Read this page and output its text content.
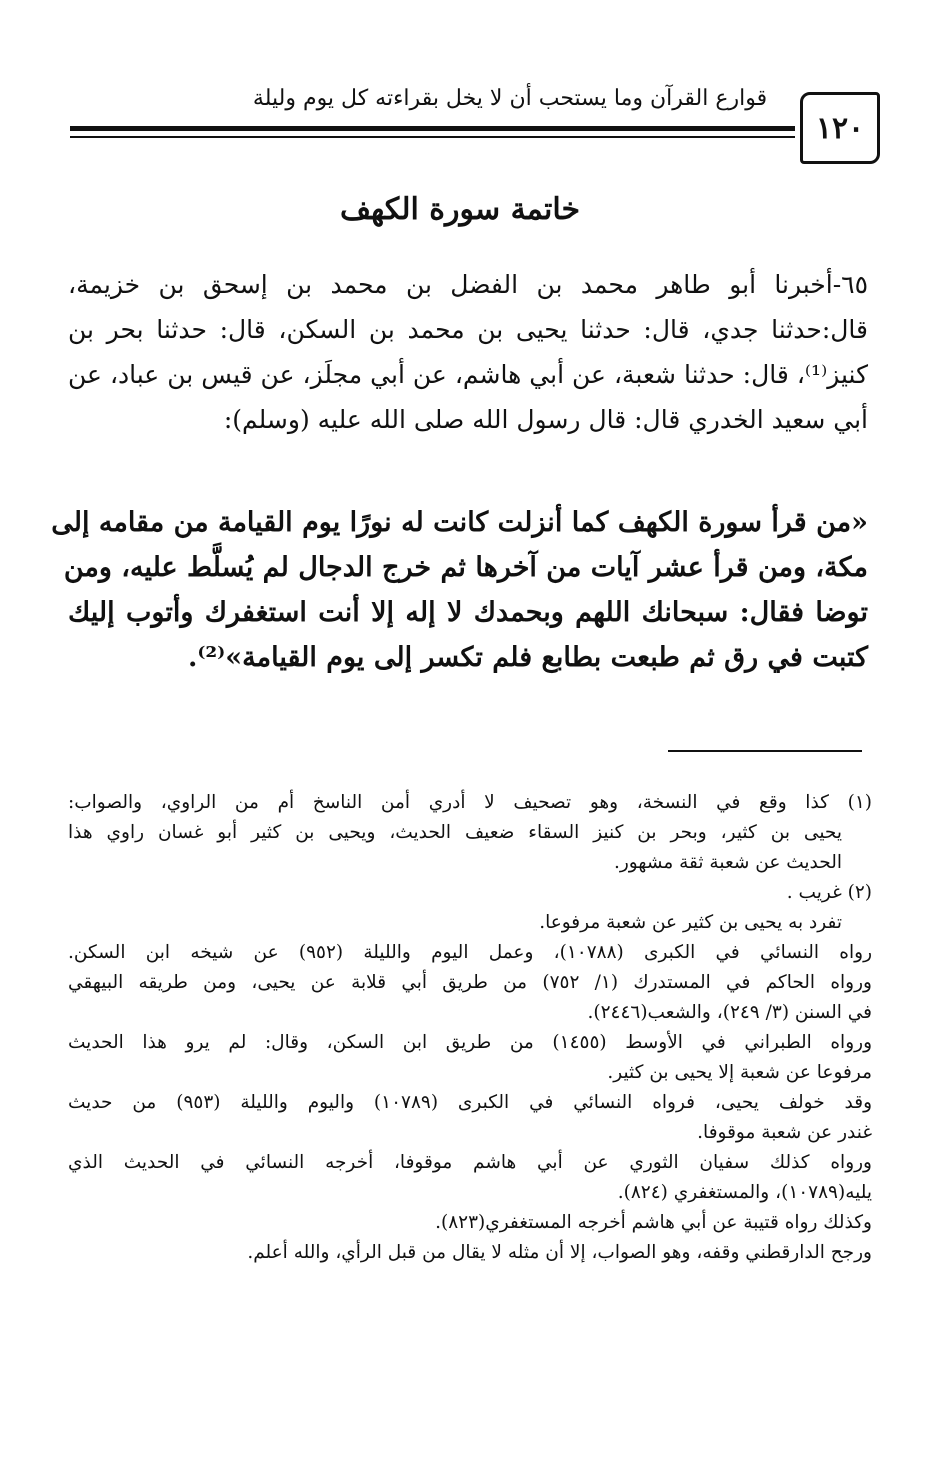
قوارع القرآن وما يستحب أن لا يخل بقراءته كل يوم وليلة
١٢٠
خاتمة سورة الكهف
٦٥-أخبرنا أبو طاهر محمد بن الفضل بن محمد بن إسحق بن خزيمة،
قال:حدثنا جدي، قال: حدثنا يحيى بن محمد بن السكن، قال: حدثنا بحر بن
كنيز⁽¹⁾، قال: حدثنا شعبة، عن أبي هاشم، عن أبي مجلَز، عن قيس بن عباد، عن
أبي سعيد الخدري قال: قال رسول الله صلى الله عليه (وسلم):
«من قرأ سورة الكهف كما أنزلت كانت له نورًا يوم القيامة من مقامه إلى
مكة، ومن قرأ عشر آيات من آخرها ثم خرج الدجال لم يُسلَّط عليه، ومن
توضا فقال: سبحانك اللهم وبحمدك لا إله إلا أنت استغفرك وأتوب إليك
كتبت في رق ثم طبعت بطابع فلم تكسر إلى يوم القيامة»⁽²⁾.
(١) كذا وقع في النسخة، وهو تصحيف لا أدري أمن الناسخ أم من الراوي، والصواب:
يحيى بن كثير، وبحر بن كنيز السقاء ضعيف الحديث، ويحيى بن كثير أبو غسان راوي هذا
الحديث عن شعبة ثقة مشهور.
(٢) غريب .
تفرد به يحيى بن كثير عن شعبة مرفوعا.
رواه النسائي في الكبرى (١٠٧٨٨)، وعمل اليوم والليلة (٩٥٢) عن شيخه ابن السكن.
ورواه الحاكم في المستدرك (١/ ٧٥٢) من طريق أبي قلابة عن يحيى، ومن طريقه البيهقي
في السنن (٣/ ٢٤٩)، والشعب(٢٤٤٦).
ورواه الطبراني في الأوسط (١٤٥٥) من طريق ابن السكن، وقال: لم يرو هذا الحديث
مرفوعا عن شعبة إلا يحيى بن كثير.
وقد خولف يحيى، فرواه النسائي في الكبرى (١٠٧٨٩) واليوم والليلة (٩٥٣) من حديث
غندر عن شعبة موقوفا.
ورواه كذلك سفيان الثوري عن أبي هاشم موقوفا، أخرجه النسائي في الحديث الذي
يليه(١٠٧٨٩)، والمستغفري (٨٢٤).
وكذلك رواه قتيبة عن أبي هاشم أخرجه المستغفري(٨٢٣).
ورجح الدارقطني وقفه، وهو الصواب، إلا أن مثله لا يقال من قبل الرأي، والله أعلم.
